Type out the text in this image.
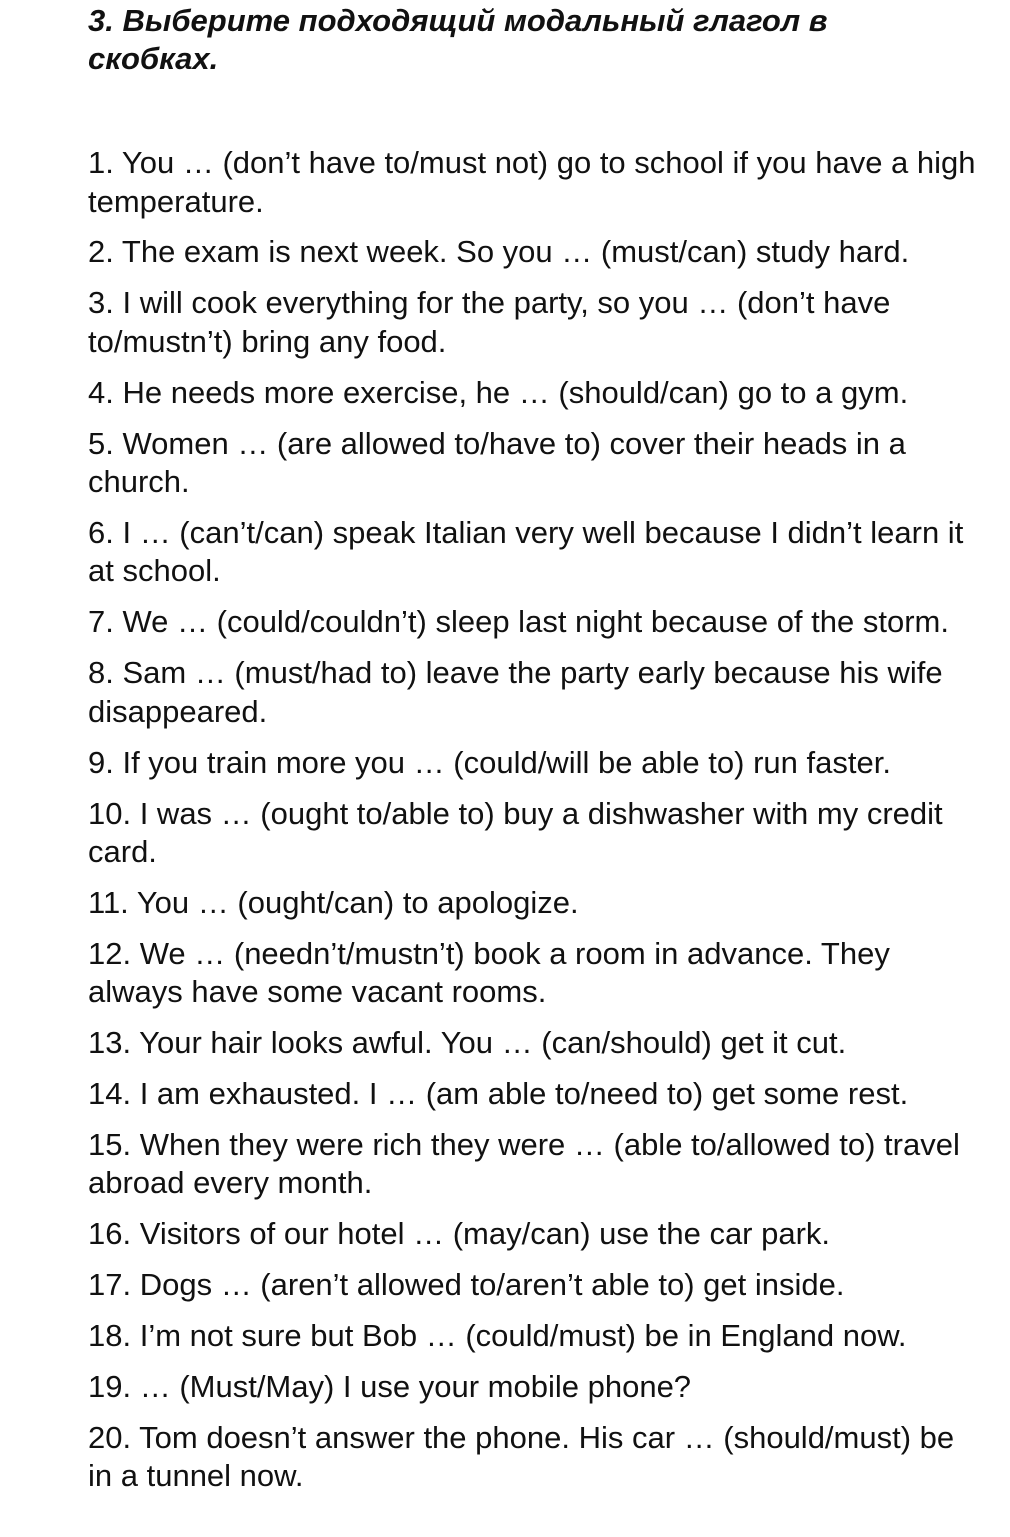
3. Выберите подходящий модальный глагол в скобках.
1. You … (don’t have to/must not) go to school if you have a high temperature.
2. The exam is next week. So you … (must/can) study hard.
3. I will cook everything for the party, so you … (don’t have to/mustn’t) bring any food.
4. He needs more exercise, he … (should/can) go to a gym.
5. Women … (are allowed to/have to) cover their heads in a church.
6. I … (can’t/can) speak Italian very well because I didn’t learn it at school.
7. We … (could/couldn’t) sleep last night because of the storm.
8. Sam … (must/had to) leave the party early because his wife disappeared.
9. If you train more you … (could/will be able to) run faster.
10. I was … (ought to/able to) buy a dishwasher with my credit card.
11. You … (ought/can) to apologize.
12. We … (needn’t/mustn’t) book a room in advance. They always have some vacant rooms.
13. Your hair looks awful. You … (can/should) get it cut.
14. I am exhausted. I … (am able to/need to) get some rest.
15. When they were rich they were … (able to/allowed to) travel abroad every month.
16. Visitors of our hotel … (may/can) use the car park.
17. Dogs … (aren’t allowed to/aren’t able to) get inside.
18. I’m not sure but Bob … (could/must) be in England now.
19. … (Must/May) I use your mobile phone?
20. Tom doesn’t answer the phone. His car … (should/must) be in a tunnel now.
